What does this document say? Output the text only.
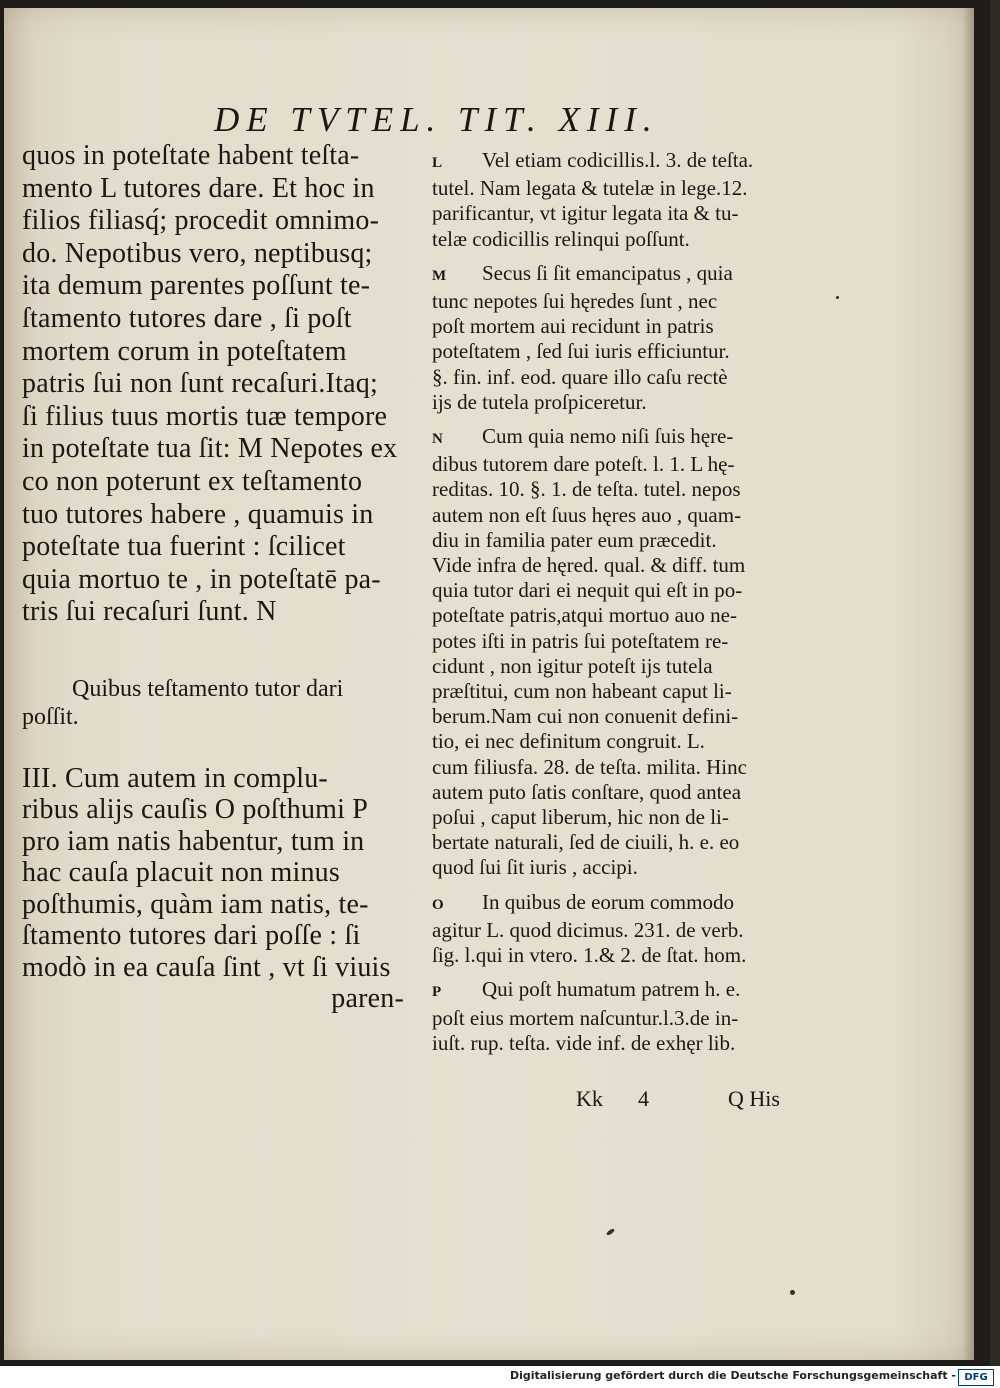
DE TVTEL. TIT. XIII.
quos in poteſtate habent teſta-
mento L tutores dare. Et hoc in
filios filiasq́; procedit omnimo-
do. Nepotibus vero, neptibusq;
ita demum parentes poſſunt te-
ſtamento tutores dare , ſi poſt
mortem corum in poteſtatem
patris ſui non ſunt recaſuri.Itaq;
ſi filius tuus mortis tuæ tempore
in poteſtate tua ſit: M Nepotes ex
co non poterunt ex teſtamento
tuo tutores habere , quamuis in
poteſtate tua fuerint : ſcilicet
quia mortuo te , in poteſtatē pa-
tris ſui recaſuri ſunt. N
Quibus teſtamento tutor dari
poſſit.
III. Cum autem in complu-
ribus alijs cauſis O poſthumi P
pro iam natis habentur, tum in
hac cauſa placuit non minus
poſthumis, quàm iam natis, te-
ſtamento tutores dari poſſe : ſi
modò in ea cauſa ſint , vt ſi viuis
paren-
L Vel etiam codicillis.l. 3. de teſta.
tutel. Nam legata & tutelæ in lege.12.
parificantur, vt igitur legata ita & tu-
telæ codicillis relinqui poſſunt.
M Secus ſi ſit emancipatus , quia
tunc nepotes ſui hęredes ſunt , nec
poſt mortem aui recidunt in patris
poteſtatem , ſed ſui iuris efficiuntur.
§. fin. inf. eod. quare illo caſu rectè
ijs de tutela proſpiceretur.
N Cum quia nemo niſi ſuis hęre-
dibus tutorem dare poteſt. l. 1. L hę-
reditas. 10. §. 1. de teſta. tutel. nepos
autem non eſt ſuus hęres auo , quam-
diu in familia pater eum præcedit.
Vide infra de hęred. qual. & diff. tum
quia tutor dari ei nequit qui eſt in po-
poteſtate patris,atqui mortuo auo ne-
potes iſti in patris ſui poteſtatem re-
cidunt , non igitur poteſt ijs tutela
præſtitui, cum non habeant caput li-
berum.Nam cui non conuenit defini-
tio, ei nec definitum congruit. L.
cum filiusfa. 28. de teſta. milita. Hinc
autem puto ſatis conſtare, quod antea
poſui , caput liberum, hic non de li-
bertate naturali, ſed de ciuili, h. e. eo
quod ſui ſit iuris , accipi.
O In quibus de eorum commodo
agitur L. quod dicimus. 231. de verb.
ſig. l.qui in vtero. 1.& 2. de ſtat. hom.
P Qui poſt humatum patrem h. e.
poſt eius mortem naſcuntur.l.3.de in-
iuſt. rup. teſta. vide inf. de exhęr lib.
Kk 4	Q His
Digitalisierung gefördert durch die Deutsche Forschungsgemeinschaft - DFG
